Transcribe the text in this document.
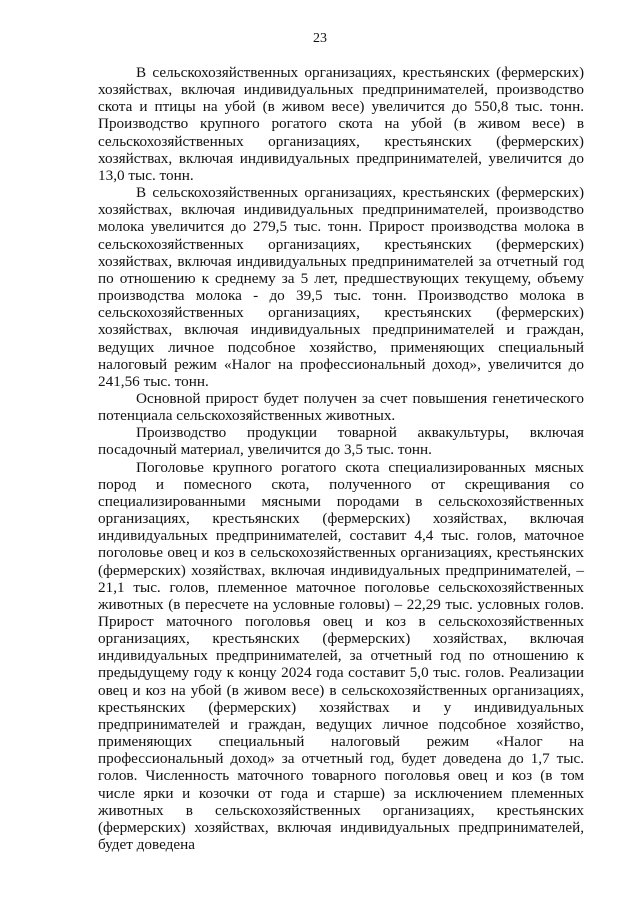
23

В сельскохозяйственных организациях, крестьянских (фермерских) хозяйствах, включая индивидуальных предпринимателей, производство скота и птицы на убой (в живом весе) увеличится до 550,8 тыс. тонн. Производство крупного рогатого скота на убой (в живом весе) в сельскохозяйственных организациях, крестьянских (фермерских) хозяйствах, включая индивидуальных предпринимателей, увеличится до 13,0 тыс. тонн.

В сельскохозяйственных организациях, крестьянских (фермерских) хозяйствах, включая индивидуальных предпринимателей, производство молока увеличится до 279,5 тыс. тонн. Прирост производства молока в сельскохозяйственных организациях, крестьянских (фермерских) хозяйствах, включая индивидуальных предпринимателей за отчетный год по отношению к среднему за 5 лет, предшествующих текущему, объему производства молока - до 39,5 тыс. тонн. Производство молока в сельскохозяйственных организациях, крестьянских (фермерских) хозяйствах, включая индивидуальных предпринимателей и граждан, ведущих личное подсобное хозяйство, применяющих специальный налоговый режим «Налог на профессиональный доход», увеличится до 241,56 тыс. тонн.

Основной прирост будет получен за счет повышения генетического потенциала сельскохозяйственных животных.

Производство продукции товарной аквакультуры, включая посадочный материал, увеличится до 3,5 тыс. тонн.

Поголовье крупного рогатого скота специализированных мясных пород и помесного скота, полученного от скрещивания со специализированными мясными породами в сельскохозяйственных организациях, крестьянских (фермерских) хозяйствах, включая индивидуальных предпринимателей, составит 4,4 тыс. голов, маточное поголовье овец и коз в сельскохозяйственных организациях, крестьянских (фермерских) хозяйствах, включая индивидуальных предпринимателей, – 21,1 тыс. голов, племенное маточное поголовье сельскохозяйственных животных (в пересчете на условные головы) – 22,29 тыс. условных голов. Прирост маточного поголовья овец и коз в сельскохозяйственных организациях, крестьянских (фермерских) хозяйствах, включая индивидуальных предпринимателей, за отчетный год по отношению к предыдущему году к концу 2024 года составит 5,0 тыс. голов. Реализации овец и коз на убой (в живом весе) в сельскохозяйственных организациях, крестьянских (фермерских) хозяйствах и у индивидуальных предпринимателей и граждан, ведущих личное подсобное хозяйство, применяющих специальный налоговый режим «Налог на профессиональный доход» за отчетный год, будет доведена до 1,7 тыс. голов. Численность маточного товарного поголовья овец и коз (в том числе ярки и козочки от года и старше) за исключением племенных животных в сельскохозяйственных организациях, крестьянских (фермерских) хозяйствах, включая индивидуальных предпринимателей, будет доведена
